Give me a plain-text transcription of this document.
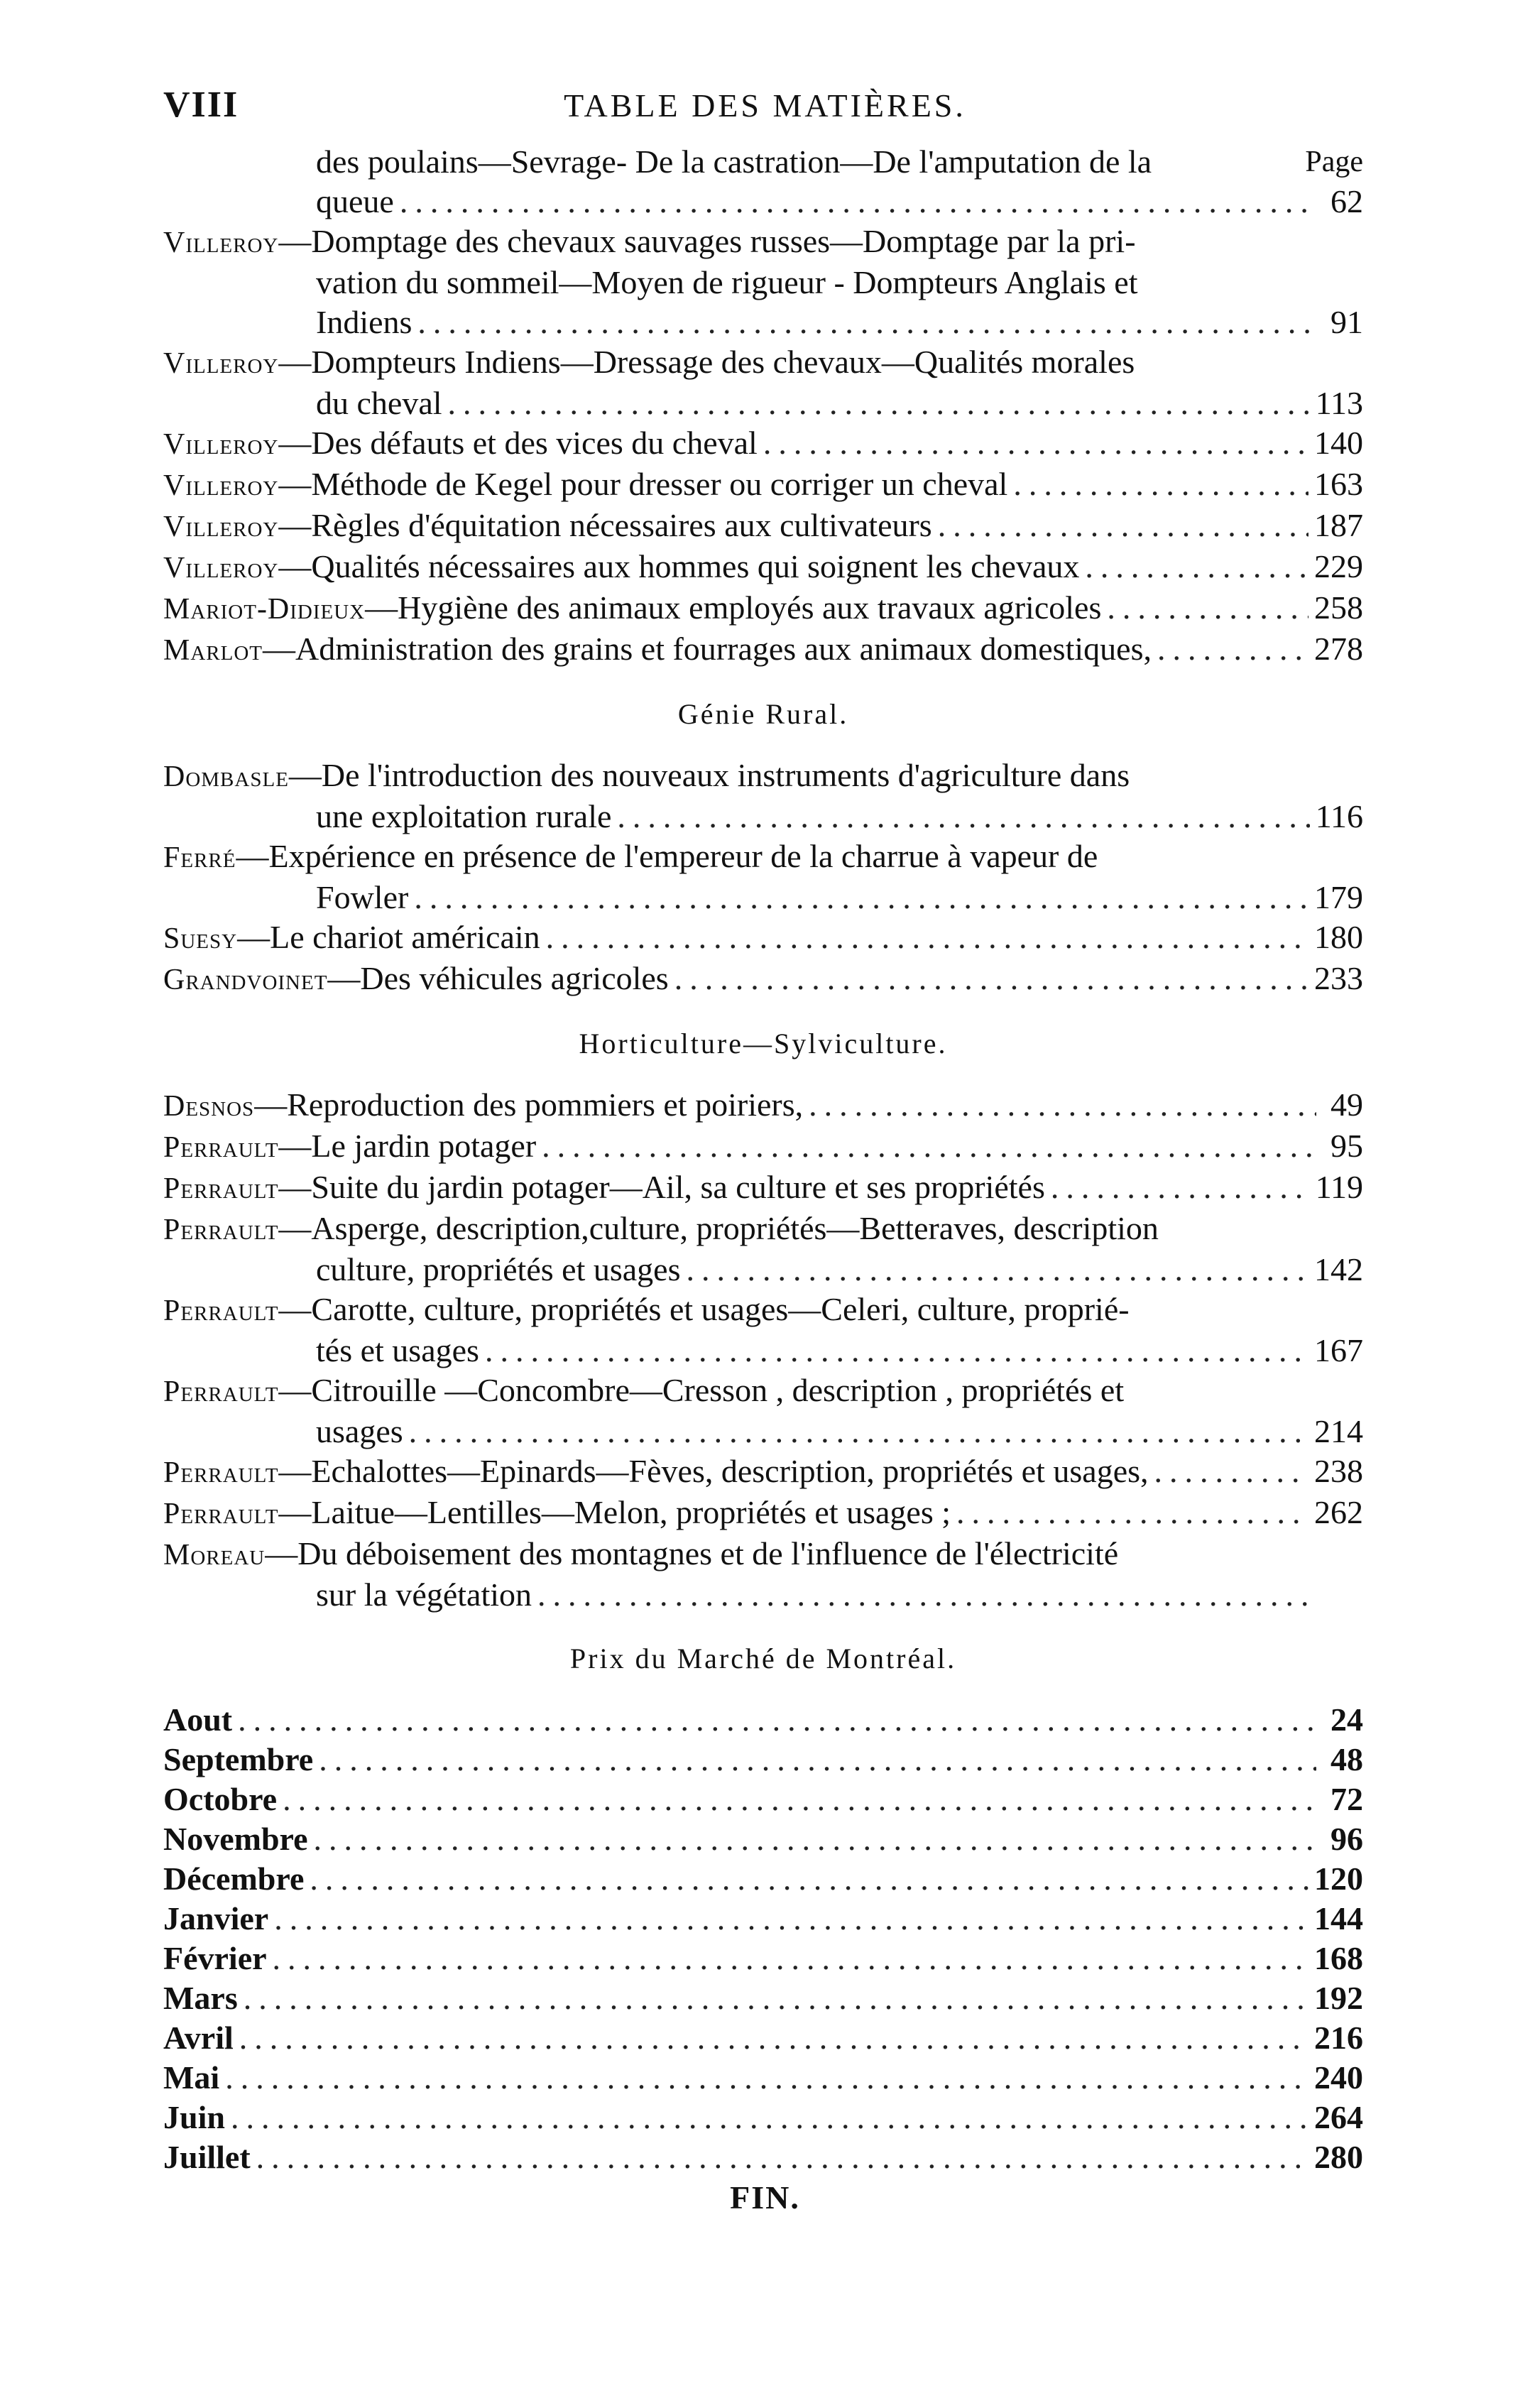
VIII	TABLE DES MATIÈRES.
Page
des poulains—Sevrage- De la castration—De l'amputation de la
queue .....	62
Villeroy—Domptage des chevaux sauvages russes—Domptage par la pri-
vation du sommeil—Moyen de rigueur - Dompteurs Anglais et
Indiens .....	91
Villeroy—Dompteurs Indiens—Dressage des chevaux—Qualités morales
du cheval .....	113
Villeroy—Des défauts et des vices du cheval .....	140
Villeroy—Méthode de Kegel pour dresser ou corriger un cheval .....	163
Villeroy—Règles d'équitation nécessaires aux cultivateurs .....	187
Villeroy—Qualités nécessaires aux hommes qui soignent les chevaux .....	229
Mariot-Didieux—Hygiène des animaux employés aux travaux agricoles .....	258
Marlot—Administration des grains et fourrages aux animaux domestiques, .....	278
Génie Rural.
Dombasle—De l'introduction des nouveaux instruments d'agriculture dans
une exploitation rurale .....	116
Ferré—Expérience en présence de l'empereur de la charrue à vapeur de
Fowler .....	179
Suesy—Le chariot américain .....	180
Grandvoinet—Des véhicules agricoles .....	233
Horticulture—Sylviculture.
Desnos—Reproduction des pommiers et poiriers, .....	49
Perrault—Le jardin potager .....	95
Perrault—Suite du jardin potager—Ail, sa culture et ses propriétés .....	119
Perrault—Asperge, description,culture, propriétés—Betteraves, description
culture, propriétés et usages .....	142
Perrault—Carotte, culture, propriétés et usages—Celeri, culture, proprié-
tés et usages .....	167
Perrault—Citrouille —Concombre—Cresson , description , propriétés et
usages .....	214
Perrault—Echalottes—Epinards—Fèves, description, propriétés et usages, .....	238
Perrault—Laitue—Lentilles—Melon, propriétés et usages ; .....	262
Moreau—Du déboisement des montagnes et de l'influence de l'électricité
sur la végétation
.....
Prix du Marché de Montréal.
Aout .....	24
Septembre .....	48
Octobre .....	72
Novembre .....	96
Décembre .....	120
Janvier .....	144
Février .....	168
Mars .....	192
Avril .....	216
Mai .....	240
Juin .....	264
Juillet .....	280
FIN.
